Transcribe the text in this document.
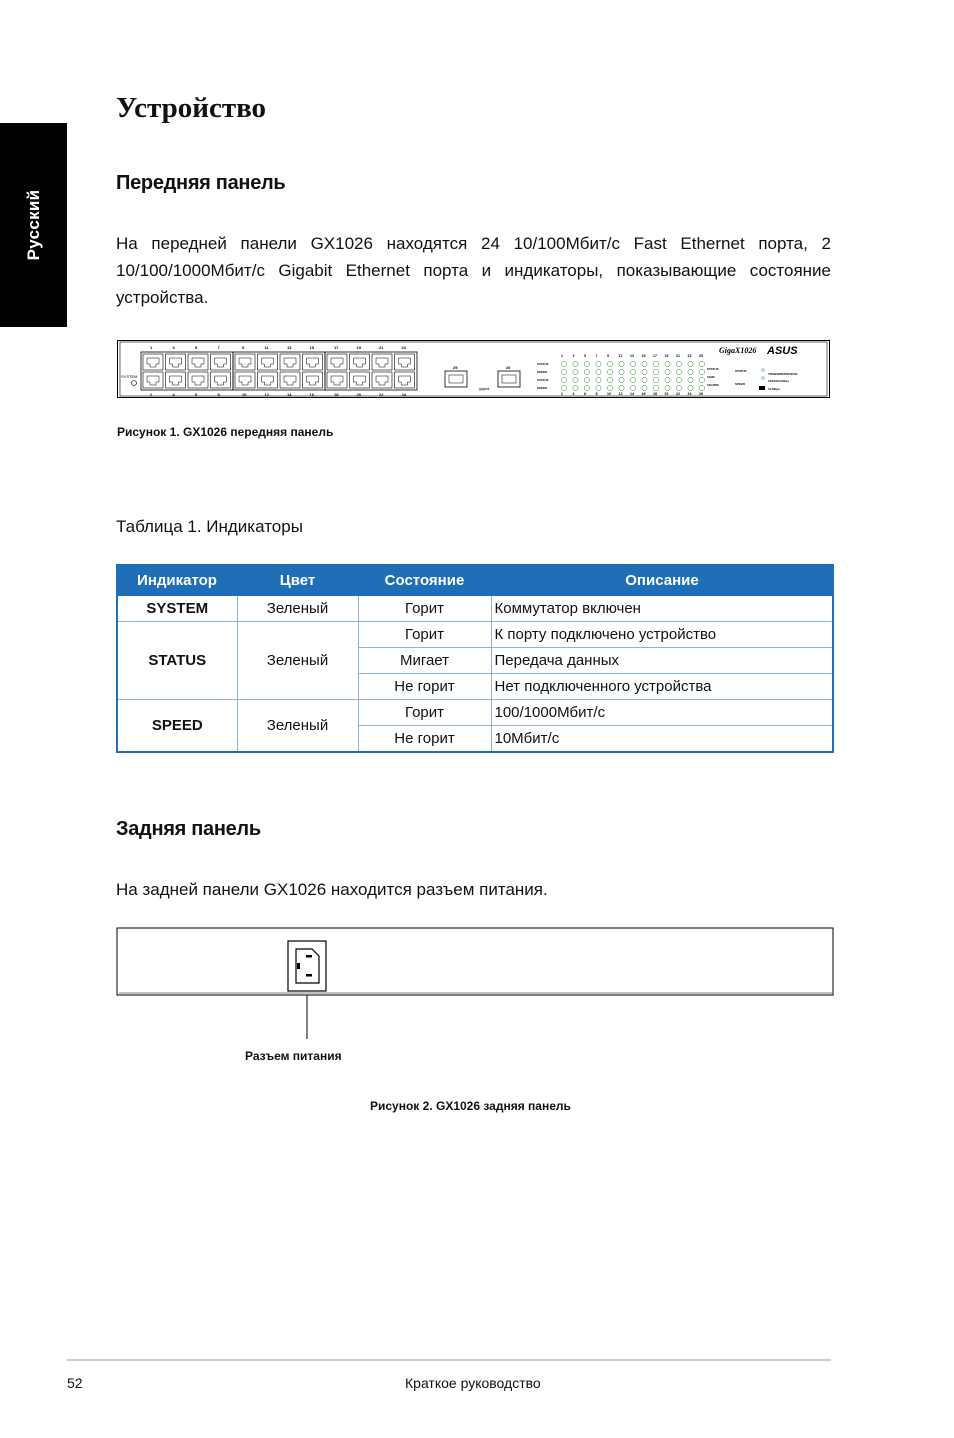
Русский
Устройство
Передняя панель

На передней панели GX1026 находятся 24 10/100Мбит/с Fast Ethernet порта, 2 10/100/1000Мбит/с Gigabit Ethernet порта и индикаторы, показывающие состояние устройства.

SYSTEM
1	3	5	7	9	11	13	15	17	19	21	23
2	4	6	8	10	12	14	16	18	20	22	24
25	26
gigabit
STATUS
SPEED
STATUS
SPEED
1	3	5	7	9	11 13 15 17 19 21 23 25
2	4	6	8	10 12 14 16 18 20 22 24 26
STATUS
100M
10/100M
GigaX1026 ASUS
STATUS
TRANSMIT/RECEIVE
SPEED
100/1000 Mbps
10 Mbps
Рисунок 1. GX1026 передняя панель
Таблица 1. Индикаторы
Индикатор	Цвет	Состояние	Описание
SYSTEM	Зеленый	Горит	Коммутатор включен
STATUS	Зеленый	Горит	К порту подключено устройство
		Мигает	Передача данных
		Не горит	Нет подключенного устройства
SPEED	Зеленый	Горит	100/1000Мбит/с
		Не горит	10Мбит/с
Задняя панель

На задней панели GX1026 находится разъем питания.

Разъем питания
Рисунок 2. GX1026 задняя панель
52	Краткое руководство
